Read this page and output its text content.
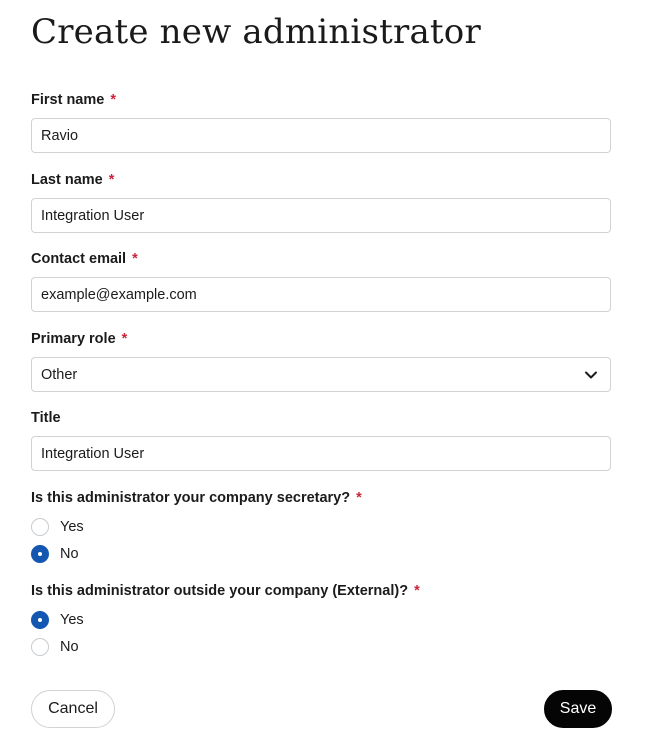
Create new administrator
First name *
Ravio
Last name *
Integration User
Contact email *
example@example.com
Primary role *
Other
Title
Integration User
Is this administrator your company secretary? *
Yes
No
Is this administrator outside your company (External)? *
Yes
No
Cancel	Save
